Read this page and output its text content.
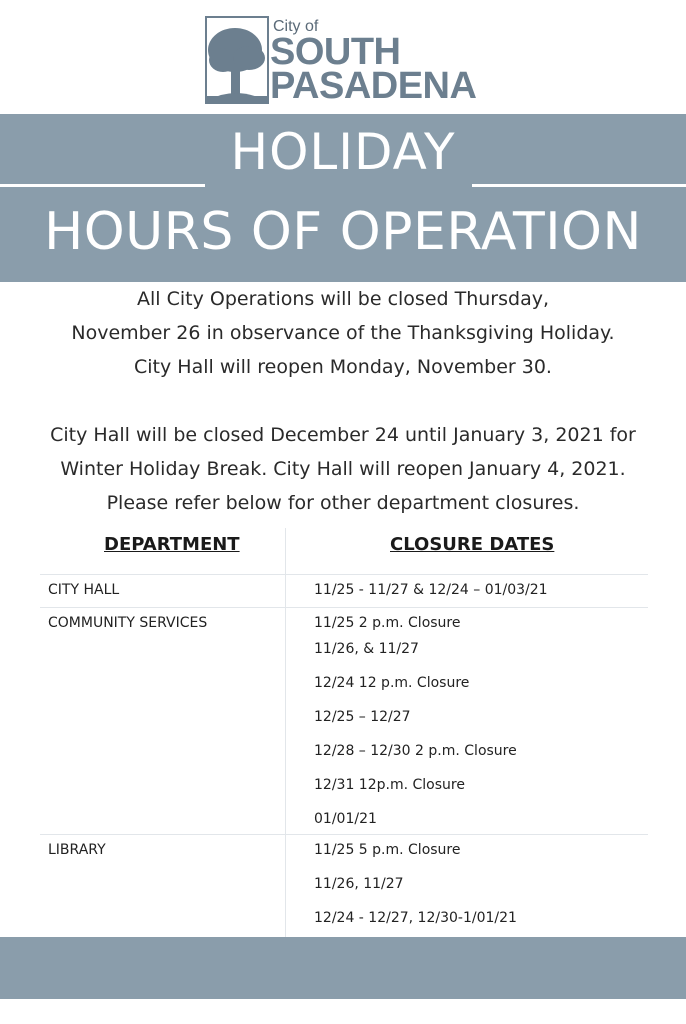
City of
SOUTH
PASADENA
HOLIDAY
HOURS OF OPERATION
All City Operations will be closed Thursday,
November 26 in observance of the Thanksgiving Holiday.
City Hall will reopen Monday, November 30.
City Hall will be closed December 24 until January 3, 2021 for
Winter Holiday Break. City Hall will reopen January 4, 2021.
Please refer below for other department closures.
DEPARTMENT	CLOSURE DATES
CITY HALL	11/25 - 11/27 & 12/24 – 01/03/21
COMMUNITY SERVICES	11/25 2 p.m. Closure
11/26, & 11/27
12/24 12 p.m. Closure
12/25 – 12/27
12/28 – 12/30 2 p.m. Closure
12/31 12p.m. Closure
01/01/21
LIBRARY	11/25 5 p.m. Closure
11/26, 11/27
12/24 - 12/27, 12/30-1/01/21
